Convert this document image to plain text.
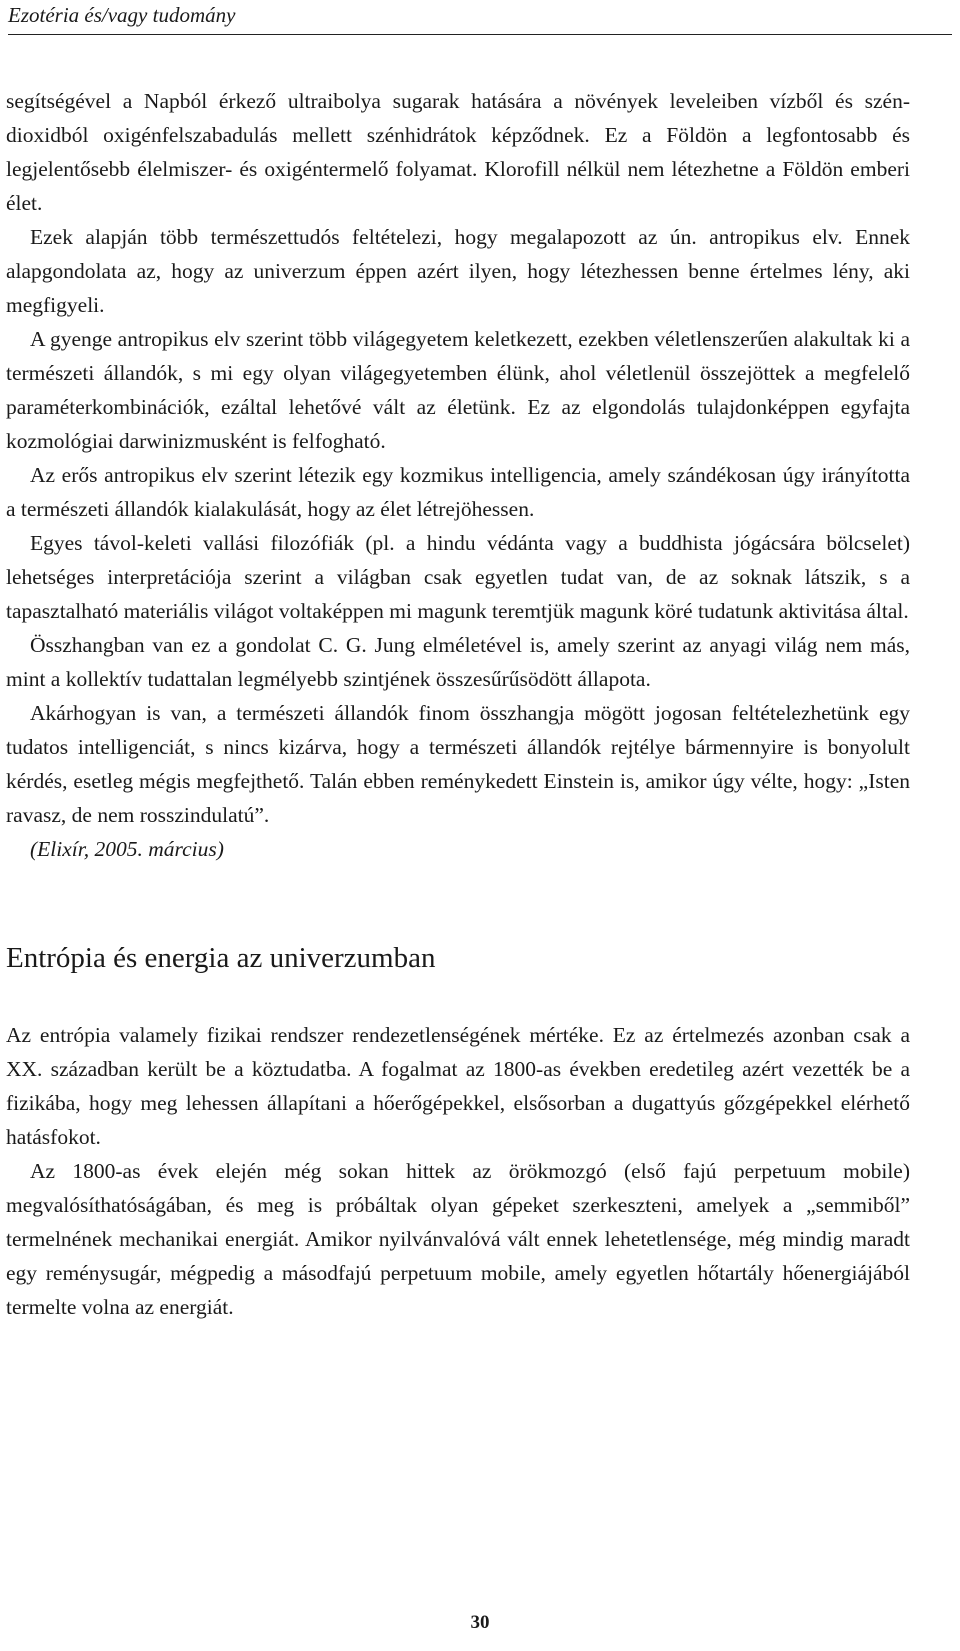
Ezotéria és/vagy tudomány

segítségével a Napból érkező ultraibolya sugarak hatására a növények leveleiben vízből és szén-dioxidból oxigénfelszabadulás mellett szénhidrátok képződnek. Ez a Földön a legfontosabb és legjelentősebb élelmiszer- és oxigéntermelő folyamat. Klorofill nélkül nem létezhetne a Földön emberi élet.

Ezek alapján több természettudós feltételezi, hogy megalapozott az ún. antropikus elv. Ennek alapgondolata az, hogy az univerzum éppen azért ilyen, hogy létezhessen benne értelmes lény, aki megfigyeli.

A gyenge antropikus elv szerint több világegyetem keletkezett, ezekben véletlenszerűen alakultak ki a természeti állandók, s mi egy olyan világegyetemben élünk, ahol véletlenül összejöttek a megfelelő paraméterkombinációk, ezáltal lehetővé vált az életünk. Ez az elgondolás tulajdonképpen egyfajta kozmológiai darwinizmusként is felfogható.

Az erős antropikus elv szerint létezik egy kozmikus intelligencia, amely szándékosan úgy irányította a természeti állandók kialakulását, hogy az élet létrejöhessen.

Egyes távol-keleti vallási filozófiák (pl. a hindu védánta vagy a buddhista jógácsára bölcselet) lehetséges interpretációja szerint a világban csak egyetlen tudat van, de az soknak látszik, s a tapasztalható materiális világot voltaképpen mi magunk teremtjük magunk köré tudatunk aktivitása által.

Összhangban van ez a gondolat C. G. Jung elméletével is, amely szerint az anyagi világ nem más, mint a kollektív tudattalan legmélyebb szintjének összesűrűsödött állapota.

Akárhogyan is van, a természeti állandók finom összhangja mögött jogosan feltételezhetünk egy tudatos intelligenciát, s nincs kizárva, hogy a természeti állandók rejtélye bármennyire is bonyolult kérdés, esetleg mégis megfejthető. Talán ebben reménykedett Einstein is, amikor úgy vélte, hogy: „Isten ravasz, de nem rosszindulatú”.

(Elixír, 2005. március)

Entrópia és energia az univerzumban

Az entrópia valamely fizikai rendszer rendezetlenségének mértéke. Ez az értelmezés azonban csak a XX. században került be a köztudatba. A fogalmat az 1800-as években eredetileg azért vezették be a fizikába, hogy meg lehessen állapítani a hőerőgépekkel, elsősorban a dugattyús gőzgépekkel elérhető hatásfokot.

Az 1800-as évek elején még sokan hittek az örökmozgó (első fajú perpetuum mobile) megvalósíthatóságában, és meg is próbáltak olyan gépeket szerkeszteni, amelyek a „semmiből” termelnének mechanikai energiát. Amikor nyilvánvalóvá vált ennek lehetetlensége, még mindig maradt egy reménysugár, mégpedig a másodfajú perpetuum mobile, amely egyetlen hőtartály hőenergiájából termelte volna az energiát.

30
